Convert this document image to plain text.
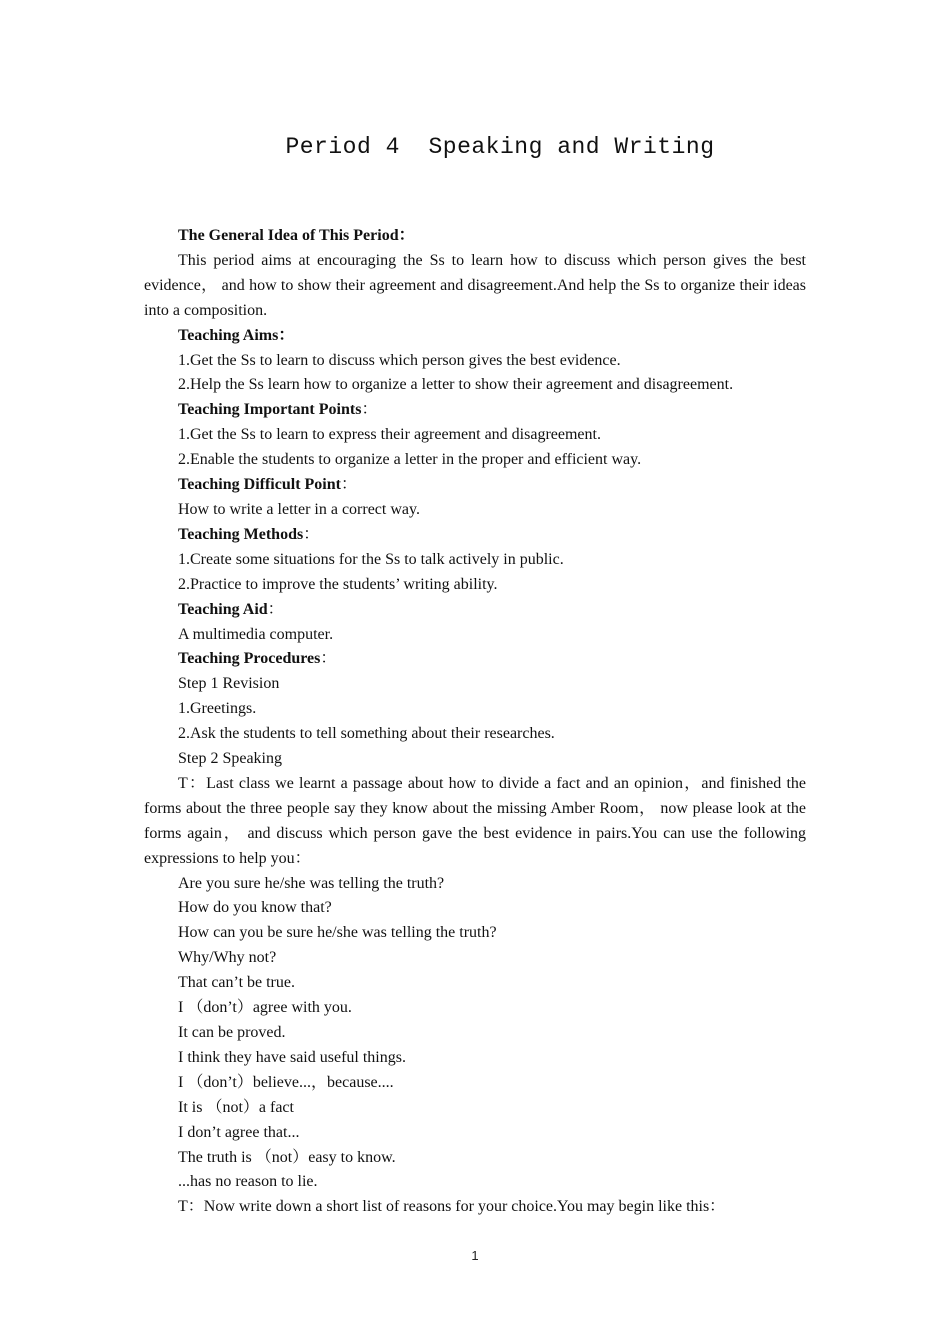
Period 4  Speaking and Writing

The General Idea of This Period：

This period aims at encouraging the Ss to learn how to discuss which person gives the best evidence， and how to show their agreement and disagreement.And help the Ss to organize their ideas into a composition.

Teaching Aims：

1.Get the Ss to learn to discuss which person gives the best evidence.

2.Help the Ss learn how to organize a letter to show their agreement and disagreement.

Teaching Important Points：

1.Get the Ss to learn to express their agreement and disagreement.

2.Enable the students to organize a letter in the proper and efficient way.

Teaching Difficult Point：

How to write a letter in a correct way.

Teaching Methods：

1.Create some situations for the Ss to talk actively in public.

2.Practice to improve the students’ writing ability.

Teaching Aid：

A multimedia computer.

Teaching Procedures：

Step 1 Revision

1.Greetings.

2.Ask the students to tell something about their researches.

Step 2 Speaking

T：Last class we learnt a passage about how to divide a fact and an opinion，and finished the forms about the three people say they know about the missing Amber Room， now please look at the forms again， and discuss which person gave the best evidence in pairs.You can use the following expressions to help you：

Are you sure he/she was telling the truth?

How do you know that?

How can you be sure he/she was telling the truth?

Why/Why not?

That can’t be true.

I （don’t）agree with you.

It can be proved.

I think they have said useful things.

I （don’t）believe...，because....

It is （not）a fact

I don’t agree that...

The truth is （not）easy to know.

...has no reason to lie.

T：Now write down a short list of reasons for your choice.You may begin like this：

1
